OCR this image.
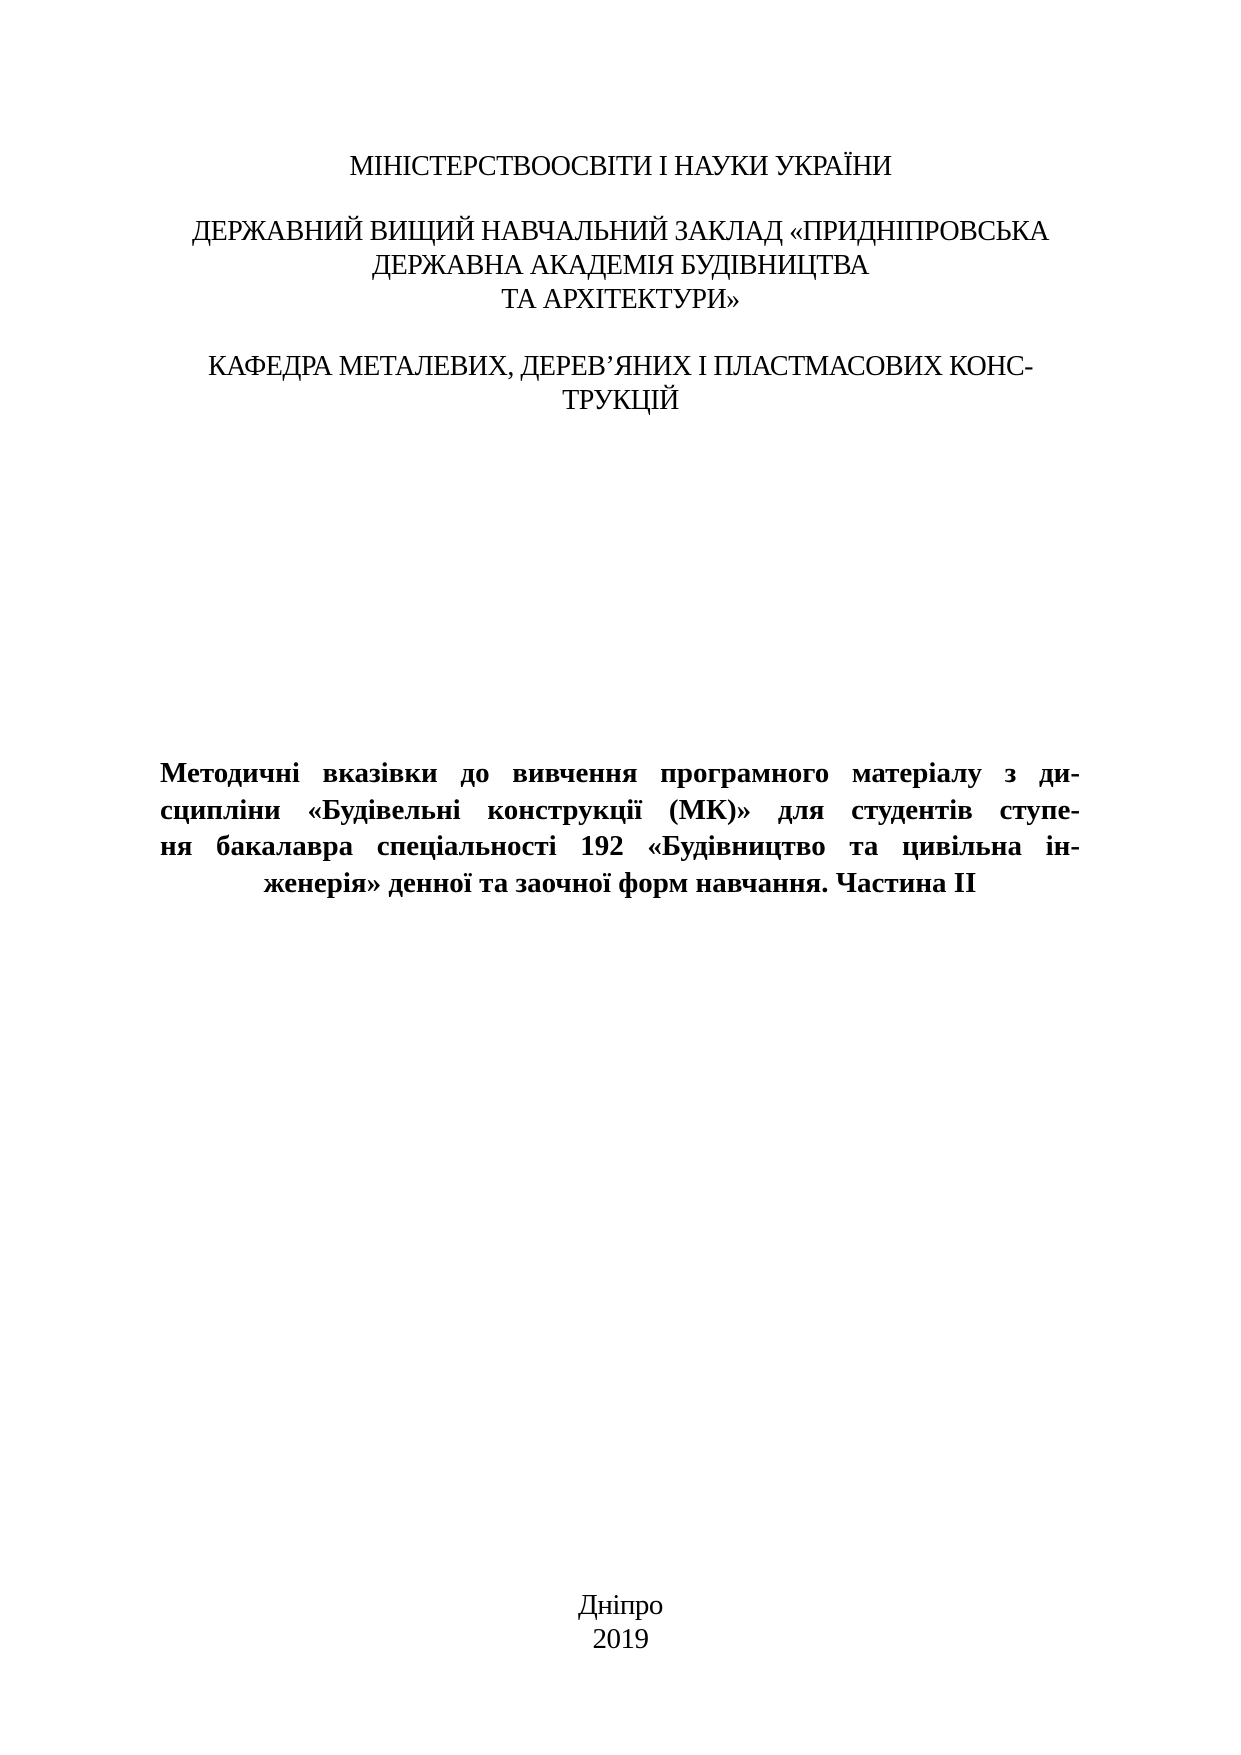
МІНІСТЕРСТВООСВІТИ І НАУКИ УКРАЇНИ
ДЕРЖАВНИЙ ВИЩИЙ НАВЧАЛЬНИЙ ЗАКЛАД «ПРИДНІПРОВСЬКА
ДЕРЖАВНА АКАДЕМІЯ БУДІВНИЦТВА
ТА АРХІТЕКТУРИ»
КАФЕДРА МЕТАЛЕВИХ, ДЕРЕВ’ЯНИХ І ПЛАСТМАСОВИХ КОНС-
ТРУКЦІЙ
Методичні вказівки до вивчення програмного матеріалу з ди-
сципліни «Будівельні конструкції (МК)» для студентів ступе-
ня бакалавра спеціальності 192 «Будівництво та цивільна ін-
женерія» денної та заочної форм навчання. Частина ІІ
Дніпро
2019
